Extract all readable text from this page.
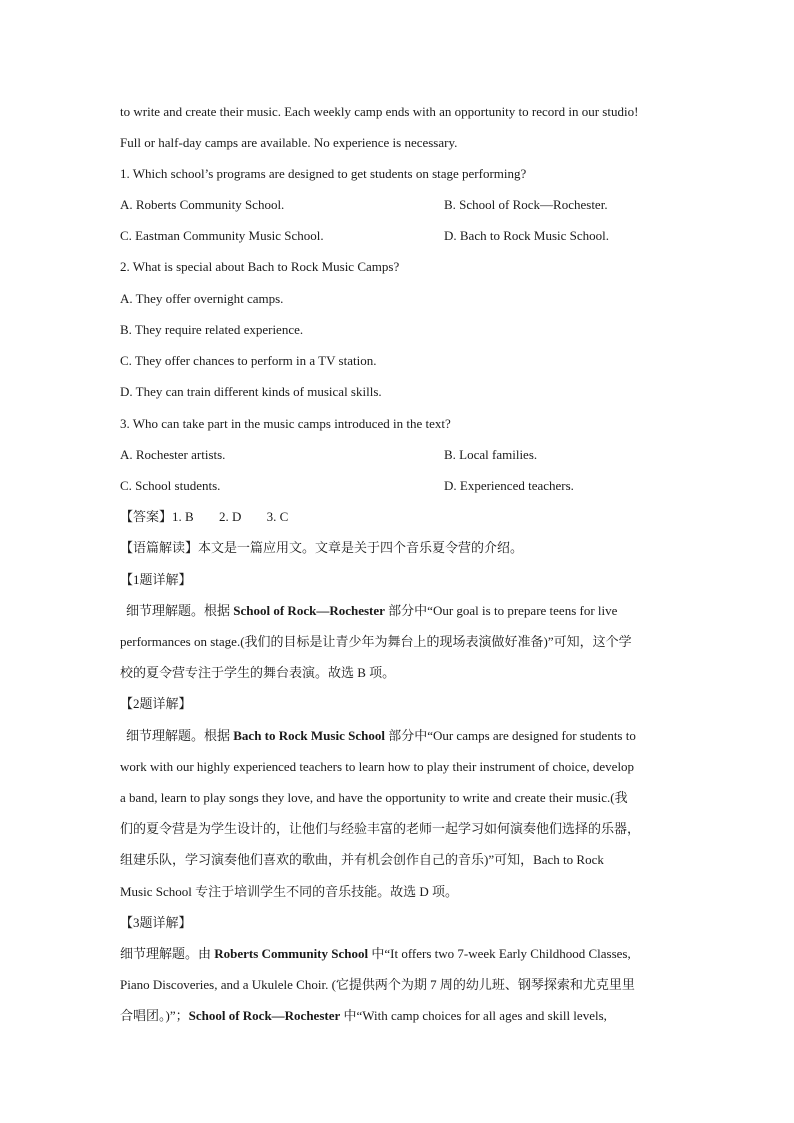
to write and create their music. Each weekly camp ends with an opportunity to record in our studio!
Full or half-day camps are available. No experience is necessary.
1. Which school’s programs are designed to get students on stage performing?
A. Roberts Community School.	B. School of Rock—Rochester.
C. Eastman Community Music School.	D. Bach to Rock Music School.
2. What is special about Bach to Rock Music Camps?
A. They offer overnight camps.
B. They require related experience.
C. They offer chances to perform in a TV station.
D. They can train different kinds of musical skills.
3. Who can take part in the music camps introduced in the text?
A. Rochester artists.	B. Local families.
C. School students.	D. Experienced teachers.
【答案】1. B 2. D 3. C
【语篇解读】本文是一篇应用文。文章是关于四个音乐夏令营的介绍。
【1题详解】
细节理解题。根据 School of Rock—Rochester 部分中“Our goal is to prepare teens for live
performances on stage.(我们的目标是让青少年为舞台上的现场表演做好准备)”可知，这个学
校的夏令营专注于学生的舞台表演。故选 B 项。
【2题详解】
细节理解题。根据 Bach to Rock Music School 部分中“Our camps are designed for students to
work with our highly experienced teachers to learn how to play their instrument of choice, develop
a band, learn to play songs they love, and have the opportunity to write and create their music.(我
们的夏令营是为学生设计的，让他们与经验丰富的老师一起学习如何演奏他们选择的乐器，
组建乐队，学习演奏他们喜欢的歌曲，并有机会创作自己的音乐)”可知，Bach to Rock
Music School 专注于培训学生不同的音乐技能。故选 D 项。
【3题详解】
细节理解题。由 Roberts Community School 中“It offers two 7-week Early Childhood Classes,
Piano Discoveries, and a Ukulele Choir. (它提供两个为期 7 周的幼儿班、钢琴探索和尤克里里
合唱团。)”；School of Rock—Rochester 中“With camp choices for all ages and skill levels,
